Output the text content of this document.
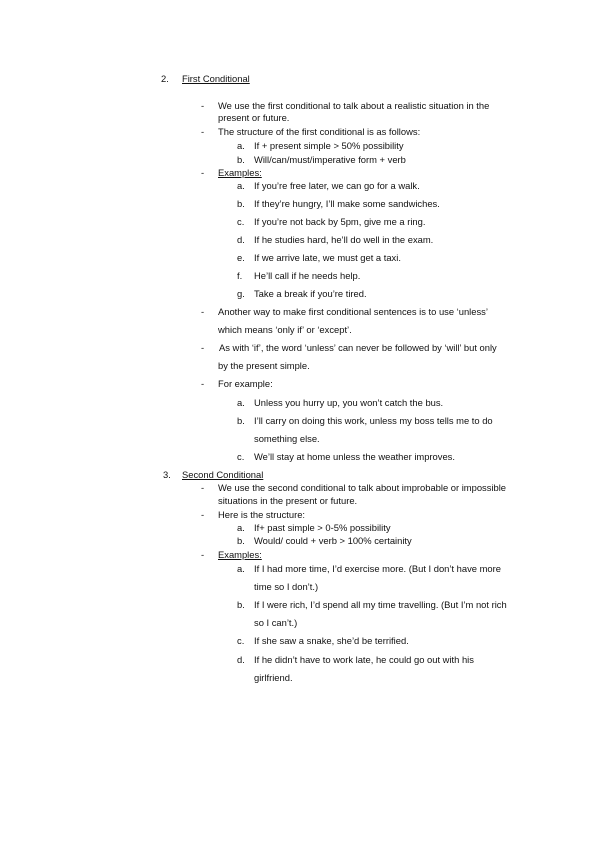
2. First Conditional
- We use the first conditional to talk about a realistic situation in the
present or future.
- The structure of the first conditional is as follows:
a. If + present simple > 50% possibility
b. Will/can/must/imperative form + verb
- Examples:
a. If you’re free later, we can go for a walk.
b. If they’re hungry, I’ll make some sandwiches.
c. If you’re not back by 5pm, give me a ring.
d. If he studies hard, he’ll do well in the exam.
e. If we arrive late, we must get a taxi.
f. He’ll call if he needs help.
g. Take a break if you’re tired.
- Another way to make first conditional sentences is to use ‘unless’
which means ‘only if’ or ‘except’.
- As with ‘if’, the word ‘unless’ can never be followed by ‘will’ but only
by the present simple.
- For example:
a. Unless you hurry up, you won’t catch the bus.
b. I’ll carry on doing this work, unless my boss tells me to do
something else.
c. We’ll stay at home unless the weather improves.
3. Second Conditional
- We use the second conditional to talk about improbable or impossible
situations in the present or future.
- Here is the structure:
a. If+ past simple > 0-5% possibility
b. Would/ could + verb > 100% certainity
- Examples:
a. If I had more time, I’d exercise more. (But I don’t have more
time so I don’t.)
b. If I were rich, I’d spend all my time travelling. (But I’m not rich
so I can’t.)
c. If she saw a snake, she’d be terrified.
d. If he didn’t have to work late, he could go out with his
girlfriend.
